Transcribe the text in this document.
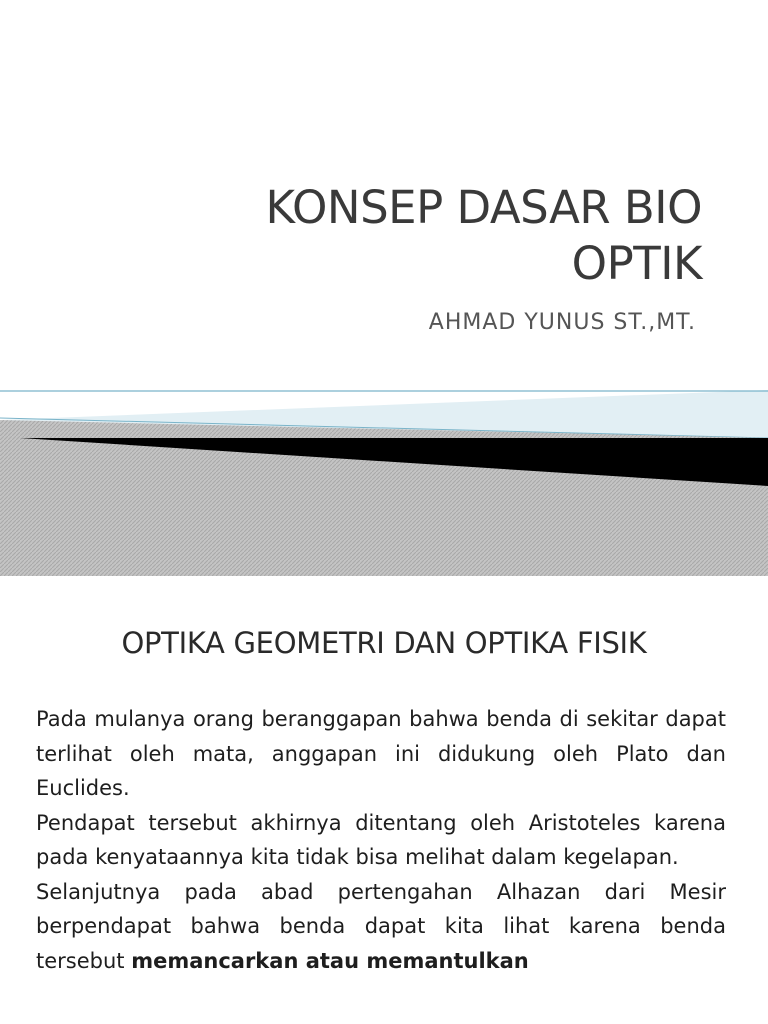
KONSEP DASAR BIO
OPTIK
AHMAD YUNUS ST.,MT.
OPTIKA GEOMETRI DAN OPTIKA FISIK

Pada mulanya orang beranggapan bahwa benda di sekitar dapat terlihat oleh mata, anggapan ini didukung oleh Plato dan Euclides.

Pendapat tersebut akhirnya ditentang oleh Aristoteles karena pada kenyataannya kita tidak bisa melihat dalam kegelapan.

Selanjutnya pada abad pertengahan Alhazan dari Mesir berpendapat bahwa benda dapat kita lihat karena benda tersebut memancarkan atau memantulkan
